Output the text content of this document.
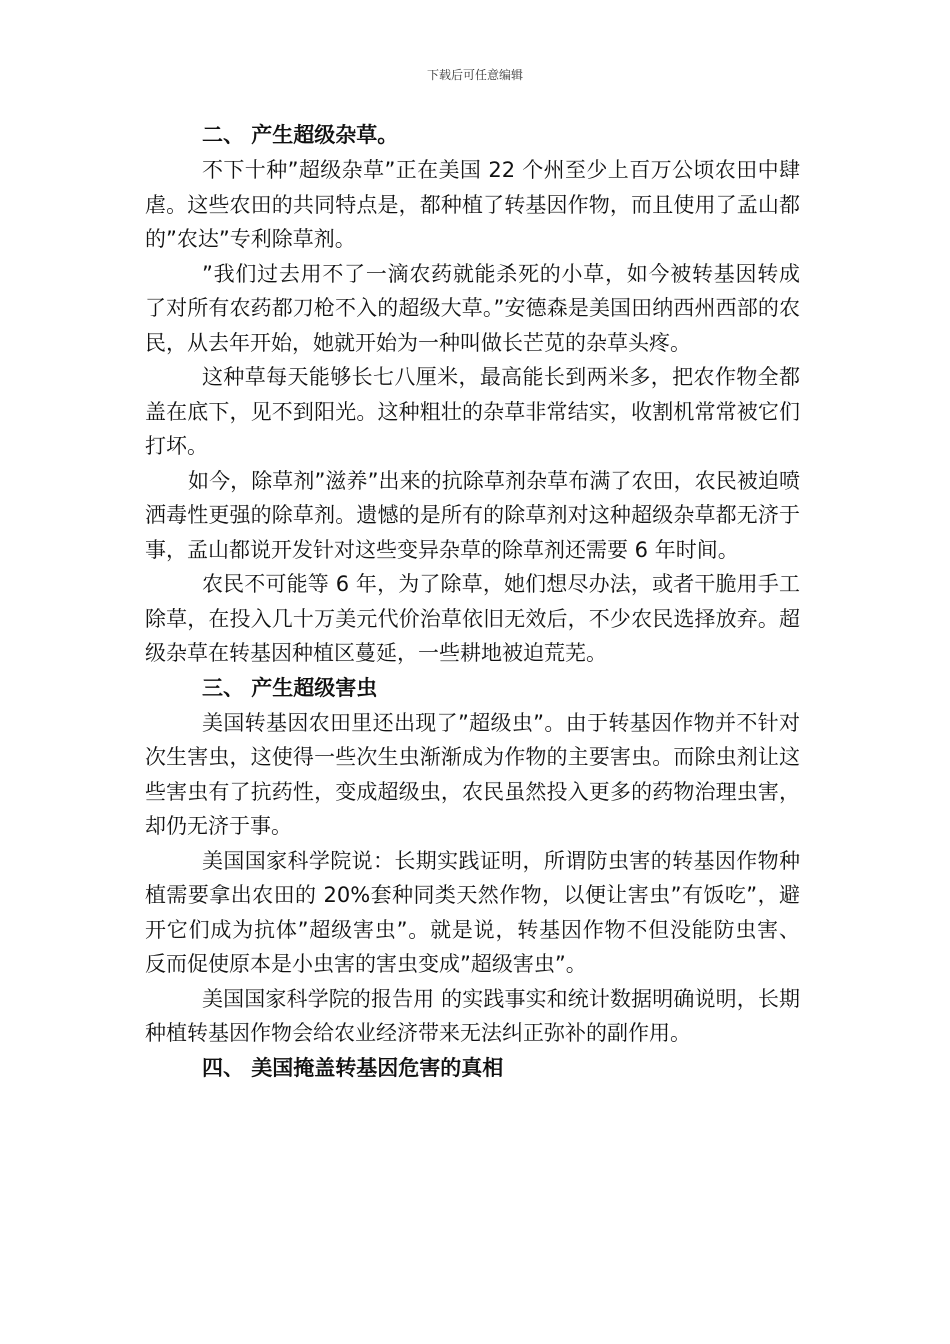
下载后可任意编辑

二、 产生超级杂草。

不下十种”超级杂草”正在美国 22 个州至少上百万公顷农田中肆虐。这些农田的共同特点是，都种植了转基因作物，而且使用了孟山都的”农达”专利除草剂。

”我们过去用不了一滴农药就能杀死的小草，如今被转基因转成了对所有农药都刀枪不入的超级大草。”安德森是美国田纳西州西部的农民，从去年开始，她就开始为一种叫做长芒苋的杂草头疼。

这种草每天能够长七八厘米，最高能长到两米多，把农作物全都盖在底下，见不到阳光。这种粗壮的杂草非常结实，收割机常常被它们打坏。

如今，除草剂”滋养”出来的抗除草剂杂草布满了农田，农民被迫喷洒毒性更强的除草剂。遗憾的是所有的除草剂对这种超级杂草都无济于事，孟山都说开发针对这些变异杂草的除草剂还需要 6 年时间。

农民不可能等 6 年，为了除草，她们想尽办法，或者干脆用手工除草，在投入几十万美元代价治草依旧无效后，不少农民选择放弃。超级杂草在转基因种植区蔓延，一些耕地被迫荒芜。

三、 产生超级害虫

美国转基因农田里还出现了”超级虫”。由于转基因作物并不针对次生害虫，这使得一些次生虫渐渐成为作物的主要害虫。而除虫剂让这些害虫有了抗药性，变成超级虫，农民虽然投入更多的药物治理虫害，却仍无济于事。

美国国家科学院说：长期实践证明，所谓防虫害的转基因作物种植需要拿出农田的 20%套种同类天然作物，以便让害虫”有饭吃”，避开它们成为抗体”超级害虫”。就是说，转基因作物不但没能防虫害、 反而促使原本是小虫害的害虫变成”超级害虫”。

美国国家科学院的报告用 的实践事实和统计数据明确说明，长期种植转基因作物会给农业经济带来无法纠正弥补的副作用。

四、 美国掩盖转基因危害的真相
